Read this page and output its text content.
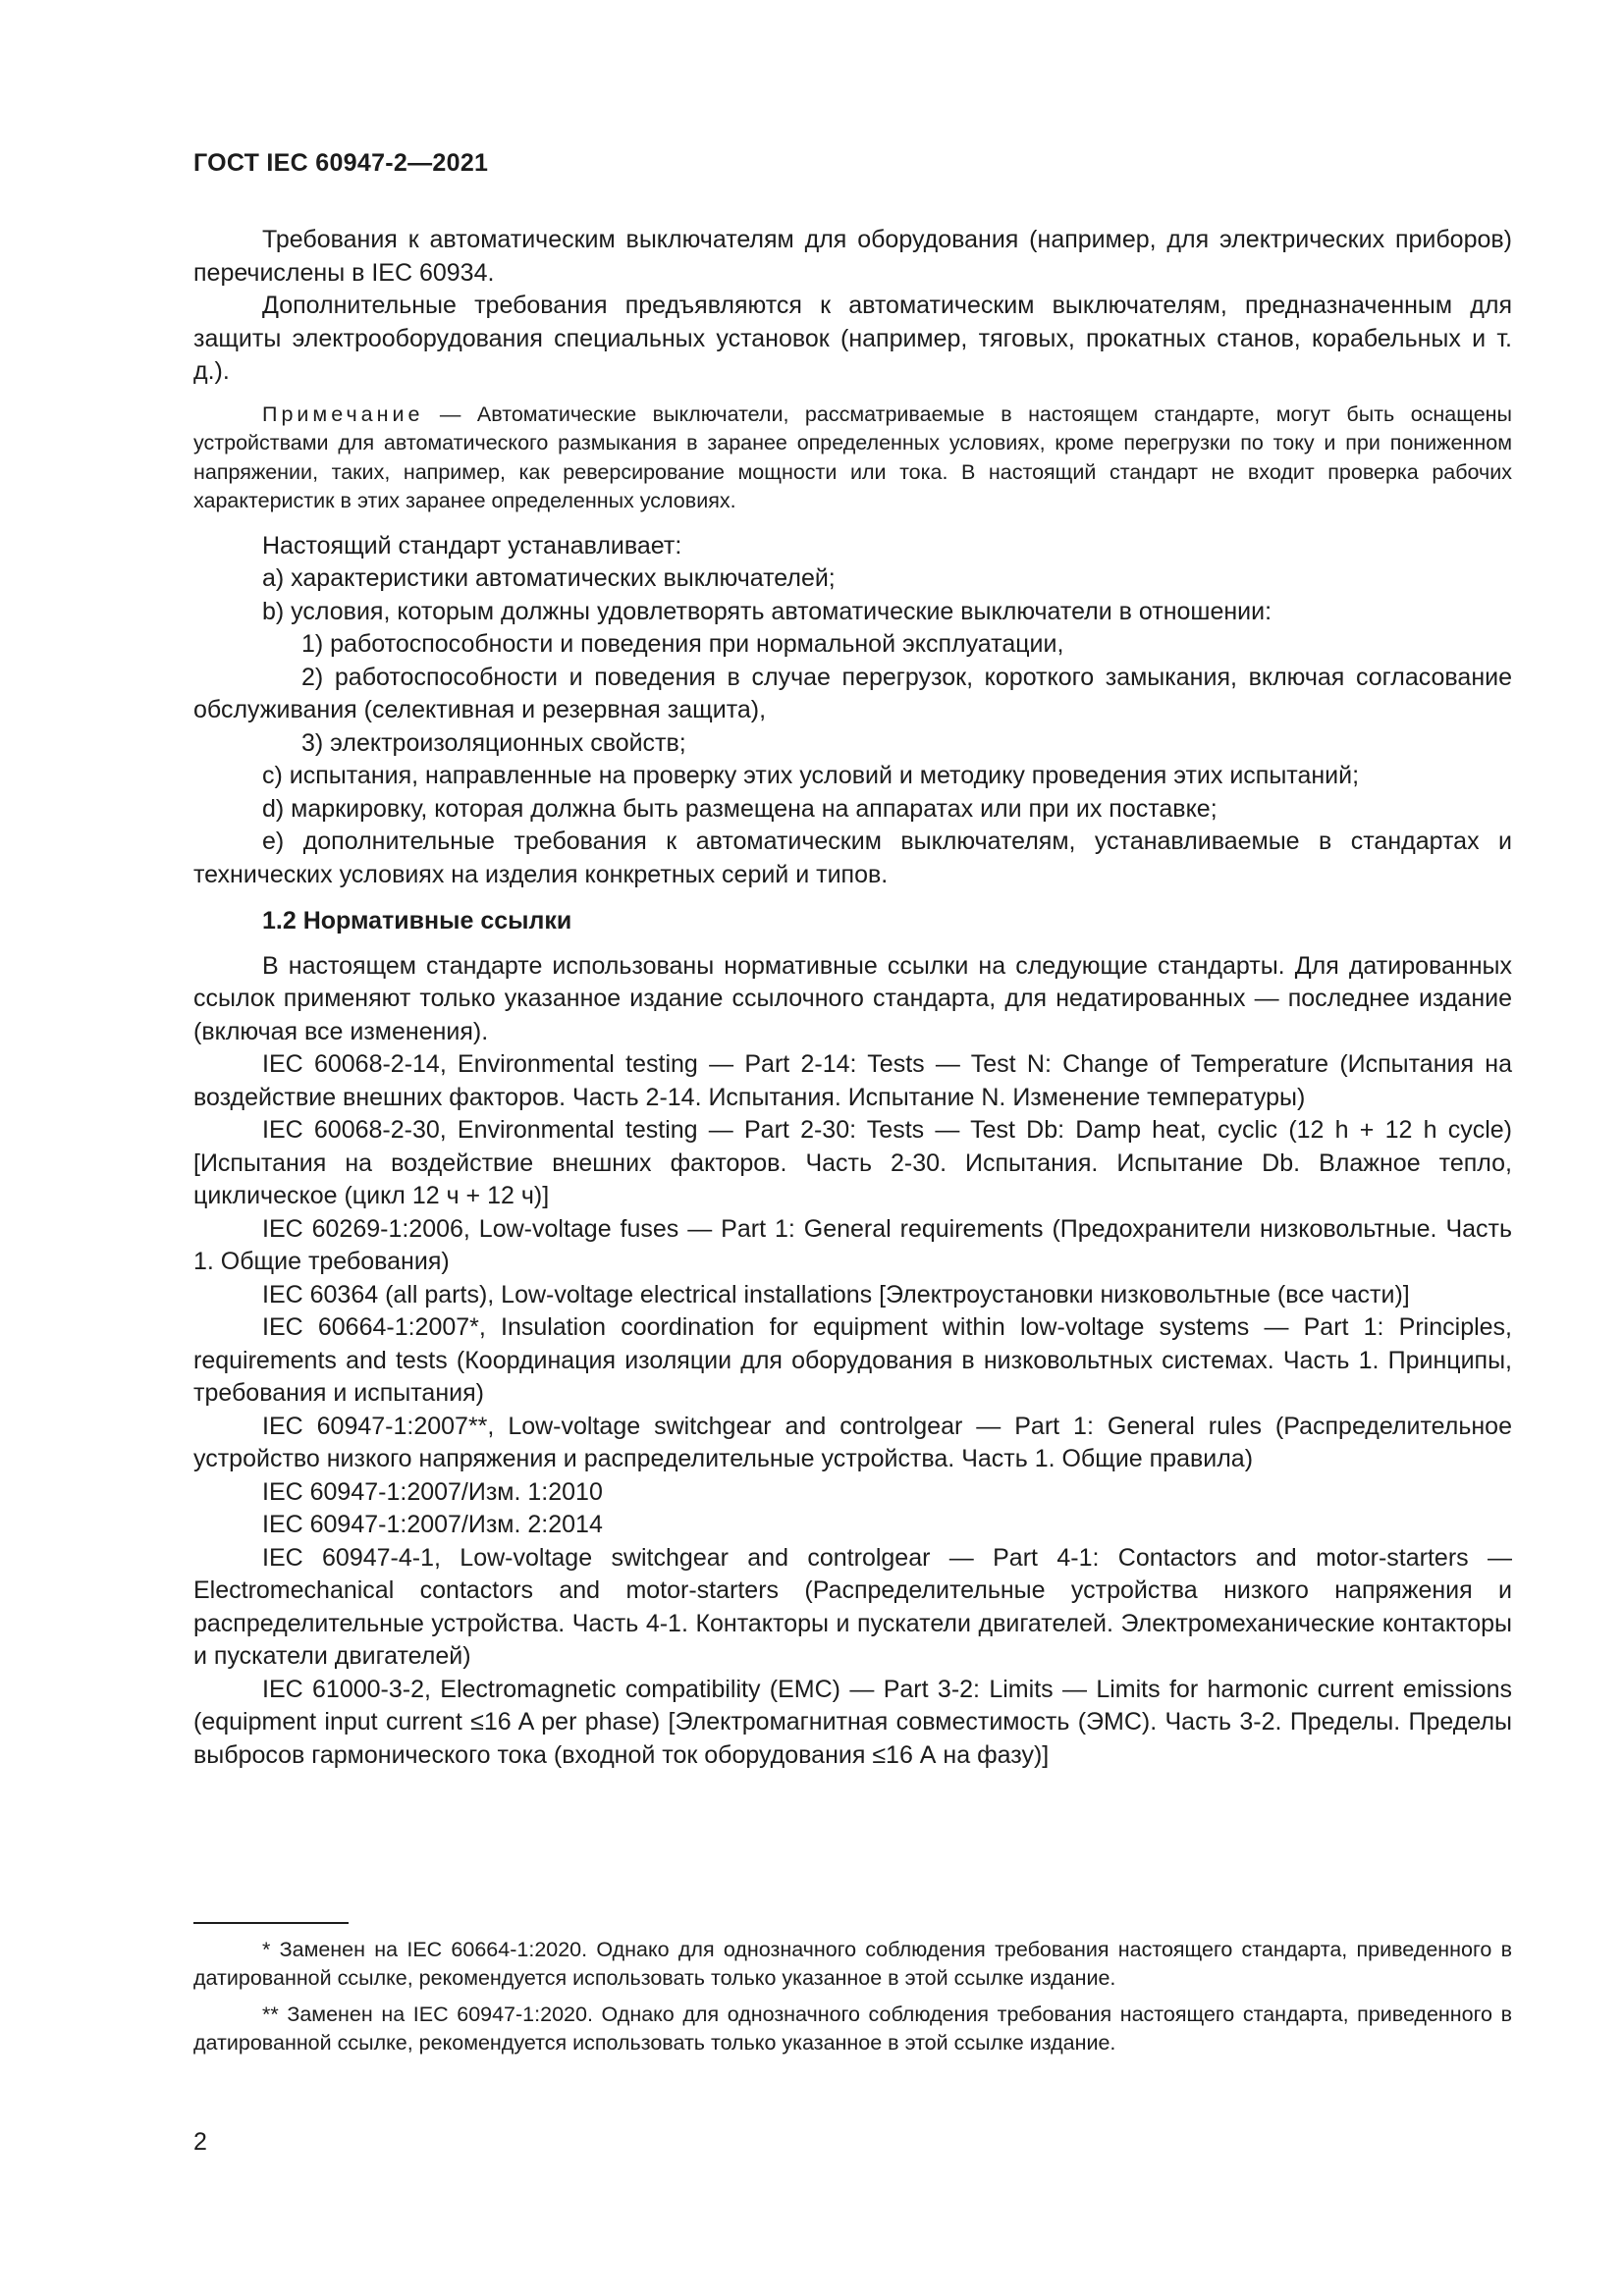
ГОСТ IEC 60947-2—2021

Требования к автоматическим выключателям для оборудования (например, для электрических приборов) перечислены в IEC 60934.

Дополнительные требования предъявляются к автоматическим выключателям, предназначенным для защиты электрооборудования специальных установок (например, тяговых, прокатных станов, корабельных и т. д.).

Примечание — Автоматические выключатели, рассматриваемые в настоящем стандарте, могут быть оснащены устройствами для автоматического размыкания в заранее определенных условиях, кроме перегрузки по току и при пониженном напряжении, таких, например, как реверсирование мощности или тока. В настоящий стандарт не входит проверка рабочих характеристик в этих заранее определенных условиях.

Настоящий стандарт устанавливает:

а) характеристики автоматических выключателей;

b) условия, которым должны удовлетворять автоматические выключатели в отношении:

1) работоспособности и поведения при нормальной эксплуатации,

2) работоспособности и поведения в случае перегрузок, короткого замыкания, включая согласование обслуживания (селективная и резервная защита),

3) электроизоляционных свойств;

с) испытания, направленные на проверку этих условий и методику проведения этих испытаний;

d) маркировку, которая должна быть размещена на аппаратах или при их поставке;

е) дополнительные требования к автоматическим выключателям, устанавливаемые в стандартах и технических условиях на изделия конкретных серий и типов.

1.2 Нормативные ссылки

В настоящем стандарте использованы нормативные ссылки на следующие стандарты. Для датированных ссылок применяют только указанное издание ссылочного стандарта, для недатированных — последнее издание (включая все изменения).

IEC 60068-2-14, Environmental testing — Part 2-14: Tests — Test N: Change of Temperature (Испытания на воздействие внешних факторов. Часть 2-14. Испытания. Испытание N. Изменение температуры)

IEC 60068-2-30, Environmental testing — Part 2-30: Tests — Test Db: Damp heat, cyclic (12 h + 12 h cycle) [Испытания на воздействие внешних факторов. Часть 2-30. Испытания. Испытание Db. Влажное тепло, циклическое (цикл 12 ч + 12 ч)]

IEC 60269-1:2006, Low-voltage fuses — Part 1: General requirements (Предохранители низковольтные. Часть 1. Общие требования)

IEC 60364 (all parts), Low-voltage electrical installations [Электроустановки низковольтные (все части)]

IEC 60664-1:2007*, Insulation coordination for equipment within low-voltage systems — Part 1: Principles, requirements and tests (Координация изоляции для оборудования в низковольтных системах. Часть 1. Принципы, требования и испытания)

IEC 60947-1:2007**, Low-voltage switchgear and controlgear — Part 1: General rules (Распределительное устройство низкого напряжения и распределительные устройства. Часть 1. Общие правила)

IEC 60947-1:2007/Изм. 1:2010

IEC 60947-1:2007/Изм. 2:2014

IEC 60947-4-1, Low-voltage switchgear and controlgear — Part 4-1: Contactors and motor-starters — Electromechanical contactors and motor-starters (Распределительные устройства низкого напряжения и распределительные устройства. Часть 4-1. Контакторы и пускатели двигателей. Электромеханические контакторы и пускатели двигателей)

IEC 61000-3-2, Electromagnetic compatibility (EMC) — Part 3-2: Limits — Limits for harmonic current emissions (equipment input current ≤16 A per phase) [Электромагнитная совместимость (ЭМС). Часть 3-2. Пределы. Пределы выбросов гармонического тока (входной ток оборудования ≤16 А на фазу)]

* Заменен на IEC 60664-1:2020. Однако для однозначного соблюдения требования настоящего стандарта, приведенного в датированной ссылке, рекомендуется использовать только указанное в этой ссылке издание.

** Заменен на IEC 60947-1:2020. Однако для однозначного соблюдения требования настоящего стандарта, приведенного в датированной ссылке, рекомендуется использовать только указанное в этой ссылке издание.

2
